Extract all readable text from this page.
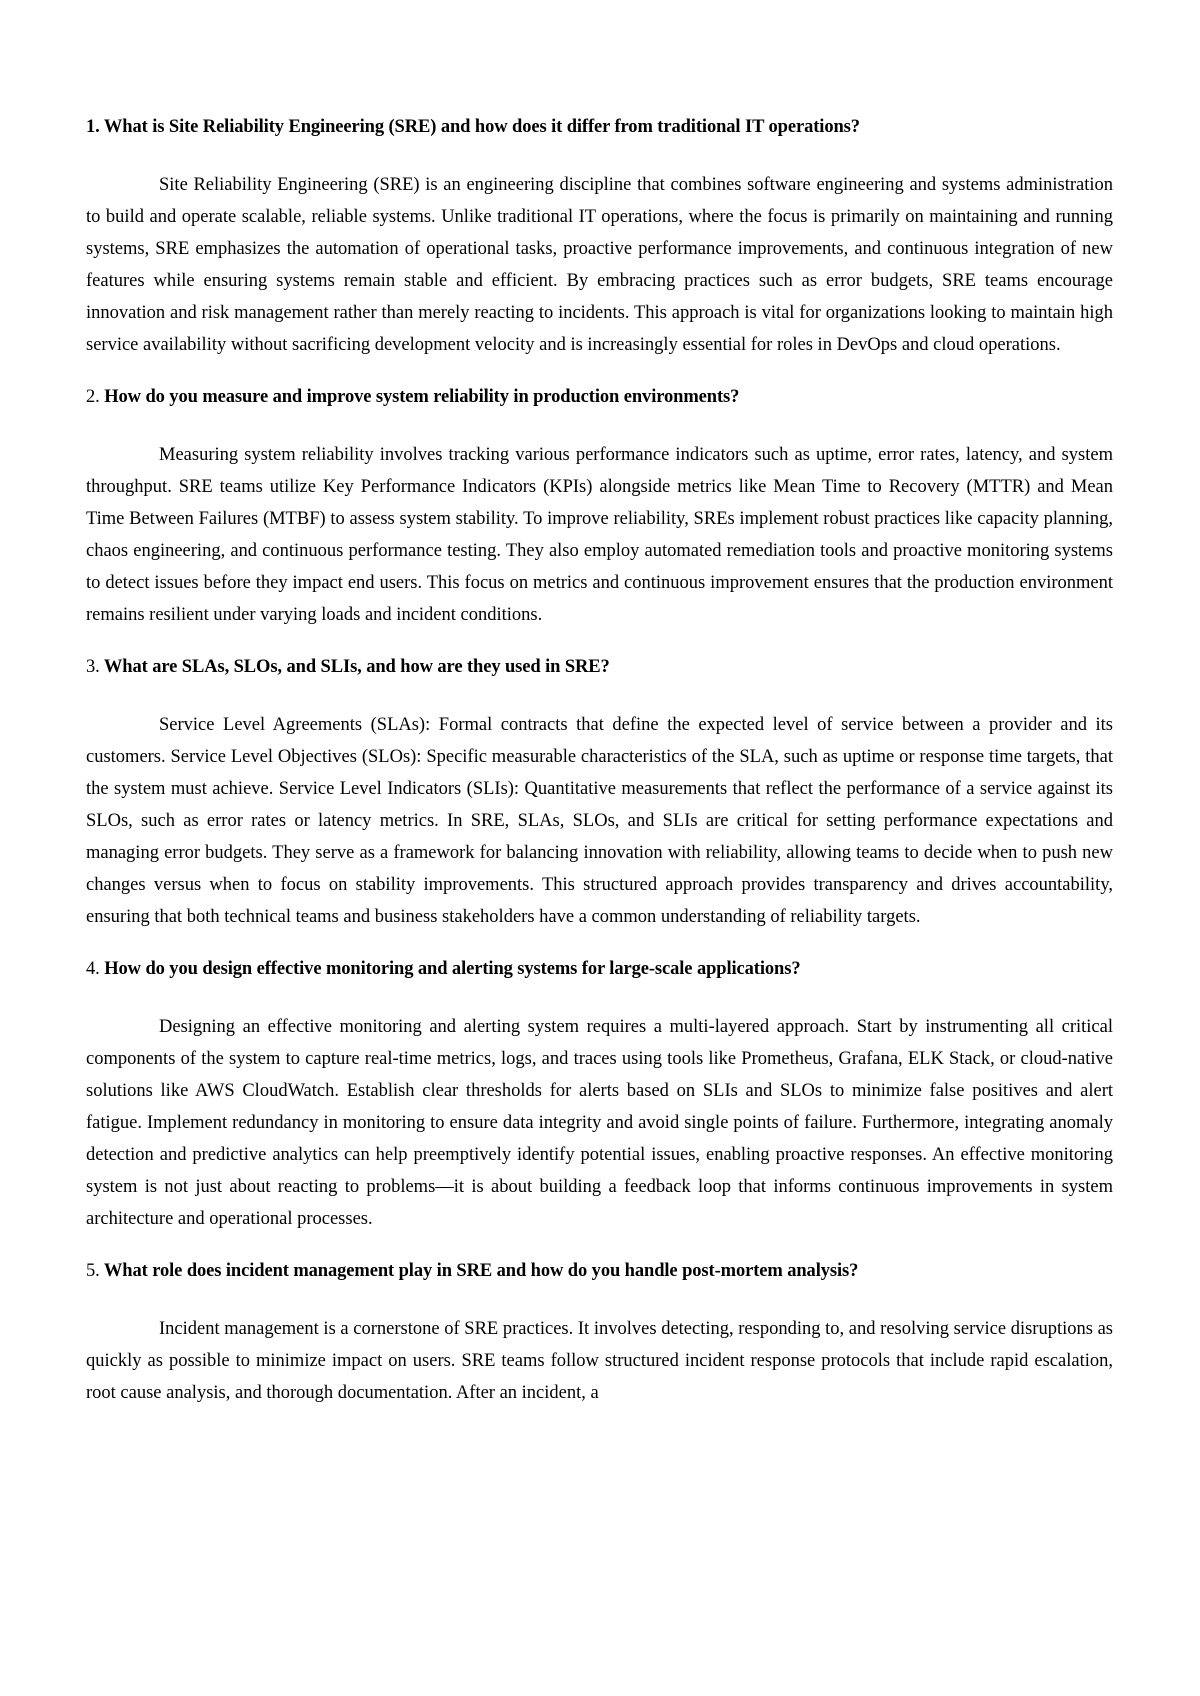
1. What is Site Reliability Engineering (SRE) and how does it differ from traditional IT operations?

Site Reliability Engineering (SRE) is an engineering discipline that combines software engineering and systems administration to build and operate scalable, reliable systems. Unlike traditional IT operations, where the focus is primarily on maintaining and running systems, SRE emphasizes the automation of operational tasks, proactive performance improvements, and continuous integration of new features while ensuring systems remain stable and efficient. By embracing practices such as error budgets, SRE teams encourage innovation and risk management rather than merely reacting to incidents. This approach is vital for organizations looking to maintain high service availability without sacrificing development velocity and is increasingly essential for roles in DevOps and cloud operations.

2. How do you measure and improve system reliability in production environments?

Measuring system reliability involves tracking various performance indicators such as uptime, error rates, latency, and system throughput. SRE teams utilize Key Performance Indicators (KPIs) alongside metrics like Mean Time to Recovery (MTTR) and Mean Time Between Failures (MTBF) to assess system stability. To improve reliability, SREs implement robust practices like capacity planning, chaos engineering, and continuous performance testing. They also employ automated remediation tools and proactive monitoring systems to detect issues before they impact end users. This focus on metrics and continuous improvement ensures that the production environment remains resilient under varying loads and incident conditions.

3. What are SLAs, SLOs, and SLIs, and how are they used in SRE?

Service Level Agreements (SLAs): Formal contracts that define the expected level of service between a provider and its customers. Service Level Objectives (SLOs): Specific measurable characteristics of the SLA, such as uptime or response time targets, that the system must achieve. Service Level Indicators (SLIs): Quantitative measurements that reflect the performance of a service against its SLOs, such as error rates or latency metrics. In SRE, SLAs, SLOs, and SLIs are critical for setting performance expectations and managing error budgets. They serve as a framework for balancing innovation with reliability, allowing teams to decide when to push new changes versus when to focus on stability improvements. This structured approach provides transparency and drives accountability, ensuring that both technical teams and business stakeholders have a common understanding of reliability targets.

4. How do you design effective monitoring and alerting systems for large-scale applications?

Designing an effective monitoring and alerting system requires a multi-layered approach. Start by instrumenting all critical components of the system to capture real-time metrics, logs, and traces using tools like Prometheus, Grafana, ELK Stack, or cloud-native solutions like AWS CloudWatch. Establish clear thresholds for alerts based on SLIs and SLOs to minimize false positives and alert fatigue. Implement redundancy in monitoring to ensure data integrity and avoid single points of failure. Furthermore, integrating anomaly detection and predictive analytics can help preemptively identify potential issues, enabling proactive responses. An effective monitoring system is not just about reacting to problems—it is about building a feedback loop that informs continuous improvements in system architecture and operational processes.

5. What role does incident management play in SRE and how do you handle post-mortem analysis?

Incident management is a cornerstone of SRE practices. It involves detecting, responding to, and resolving service disruptions as quickly as possible to minimize impact on users. SRE teams follow structured incident response protocols that include rapid escalation, root cause analysis, and thorough documentation. After an incident, a
